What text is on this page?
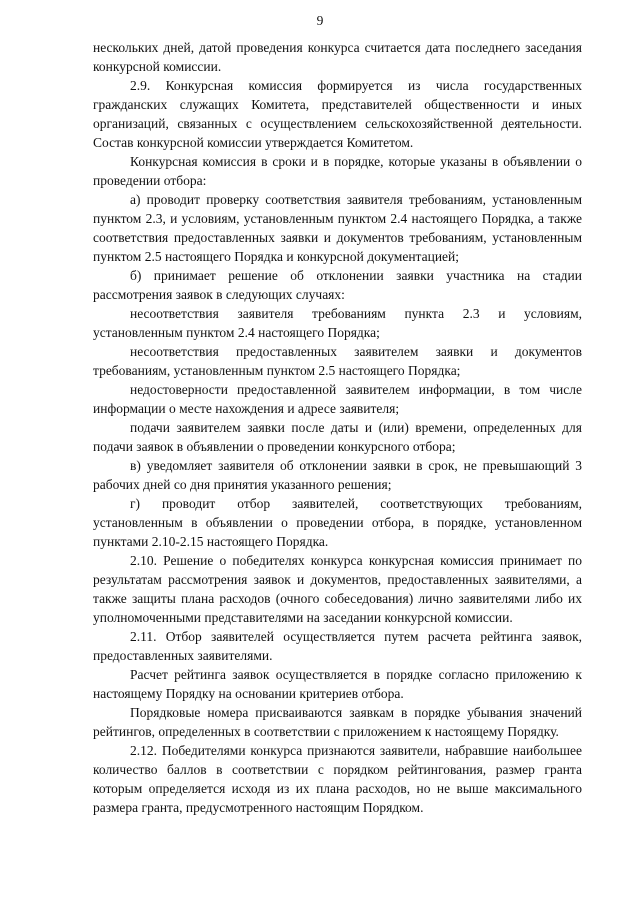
9

нескольких дней, датой проведения конкурса считается дата последнего заседания конкурсной комиссии.

2.9. Конкурсная комиссия формируется из числа государственных гражданских служащих Комитета, представителей общественности и иных организаций, связанных с осуществлением сельскохозяйственной деятельности. Состав конкурсной комиссии утверждается Комитетом.

Конкурсная комиссия в сроки и в порядке, которые указаны в объявлении о проведении отбора:

а) проводит проверку соответствия заявителя требованиям, установленным пунктом 2.3, и условиям, установленным пунктом 2.4 настоящего Порядка, а также соответствия предоставленных заявки и документов требованиям, установленным пунктом 2.5 настоящего Порядка и конкурсной документацией;

б) принимает решение об отклонении заявки участника на стадии рассмотрения заявок в следующих случаях:

несоответствия заявителя требованиям пункта 2.3 и условиям, установленным пунктом 2.4 настоящего Порядка;

несоответствия предоставленных заявителем заявки и документов требованиям, установленным пунктом 2.5 настоящего Порядка;

недостоверности предоставленной заявителем информации, в том числе информации о месте нахождения и адресе заявителя;

подачи заявителем заявки после даты и (или) времени, определенных для подачи заявок в объявлении о проведении конкурсного отбора;

в) уведомляет заявителя об отклонении заявки в срок, не превышающий 3 рабочих дней со дня принятия указанного решения;

г) проводит отбор заявителей, соответствующих требованиям, установленным в объявлении о проведении отбора, в порядке, установленном пунктами 2.10-2.15 настоящего Порядка.

2.10. Решение о победителях конкурса конкурсная комиссия принимает по результатам рассмотрения заявок и документов, предоставленных заявителями, а также защиты плана расходов (очного собеседования) лично заявителями либо их уполномоченными представителями на заседании конкурсной комиссии.

2.11. Отбор заявителей осуществляется путем расчета рейтинга заявок, предоставленных заявителями.

Расчет рейтинга заявок осуществляется в порядке согласно приложению к настоящему Порядку на основании критериев отбора.

Порядковые номера присваиваются заявкам в порядке убывания значений рейтингов, определенных в соответствии с приложением к настоящему Порядку.

2.12. Победителями конкурса признаются заявители, набравшие наибольшее количество баллов в соответствии с порядком рейтингования, размер гранта которым определяется исходя из их плана расходов, но не выше максимального размера гранта, предусмотренного настоящим Порядком.
